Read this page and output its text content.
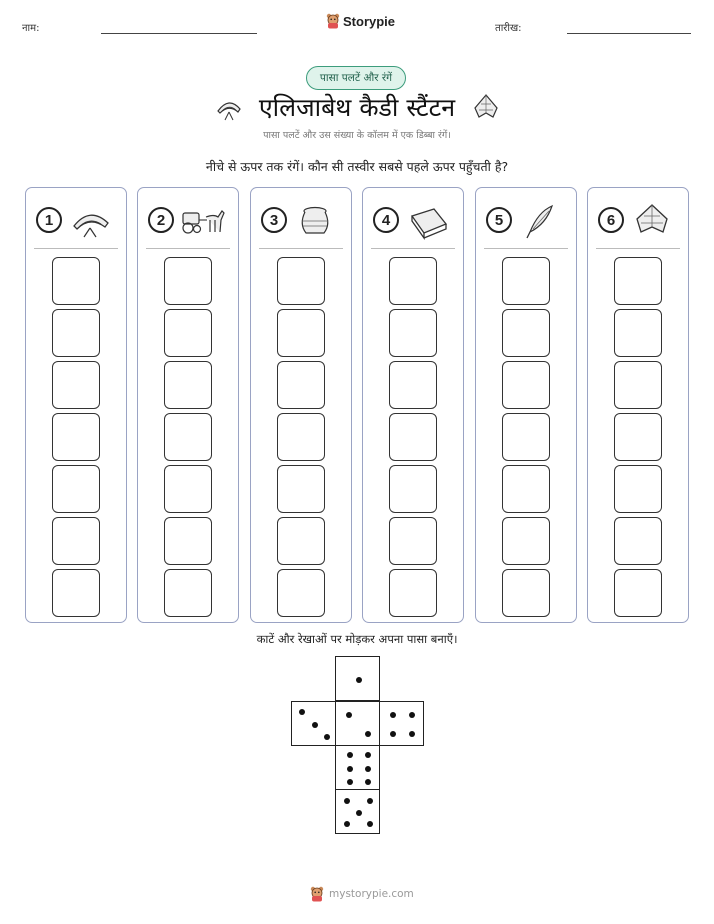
नाम:	Storypie	तारीख:
पासा पलटें और रंगें
एलिजाबेथ कैडी स्टैंटन
पासा पलटें और उस संख्या के कॉलम में एक डिब्बा रंगें।
नीचे से ऊपर तक रंगें। कौन सी तस्वीर सबसे पहले ऊपर पहुँचती है?
1	2	3	4	5	6
काटें और रेखाओं पर मोड़कर अपना पासा बनाएँ।
mystorypie.com
